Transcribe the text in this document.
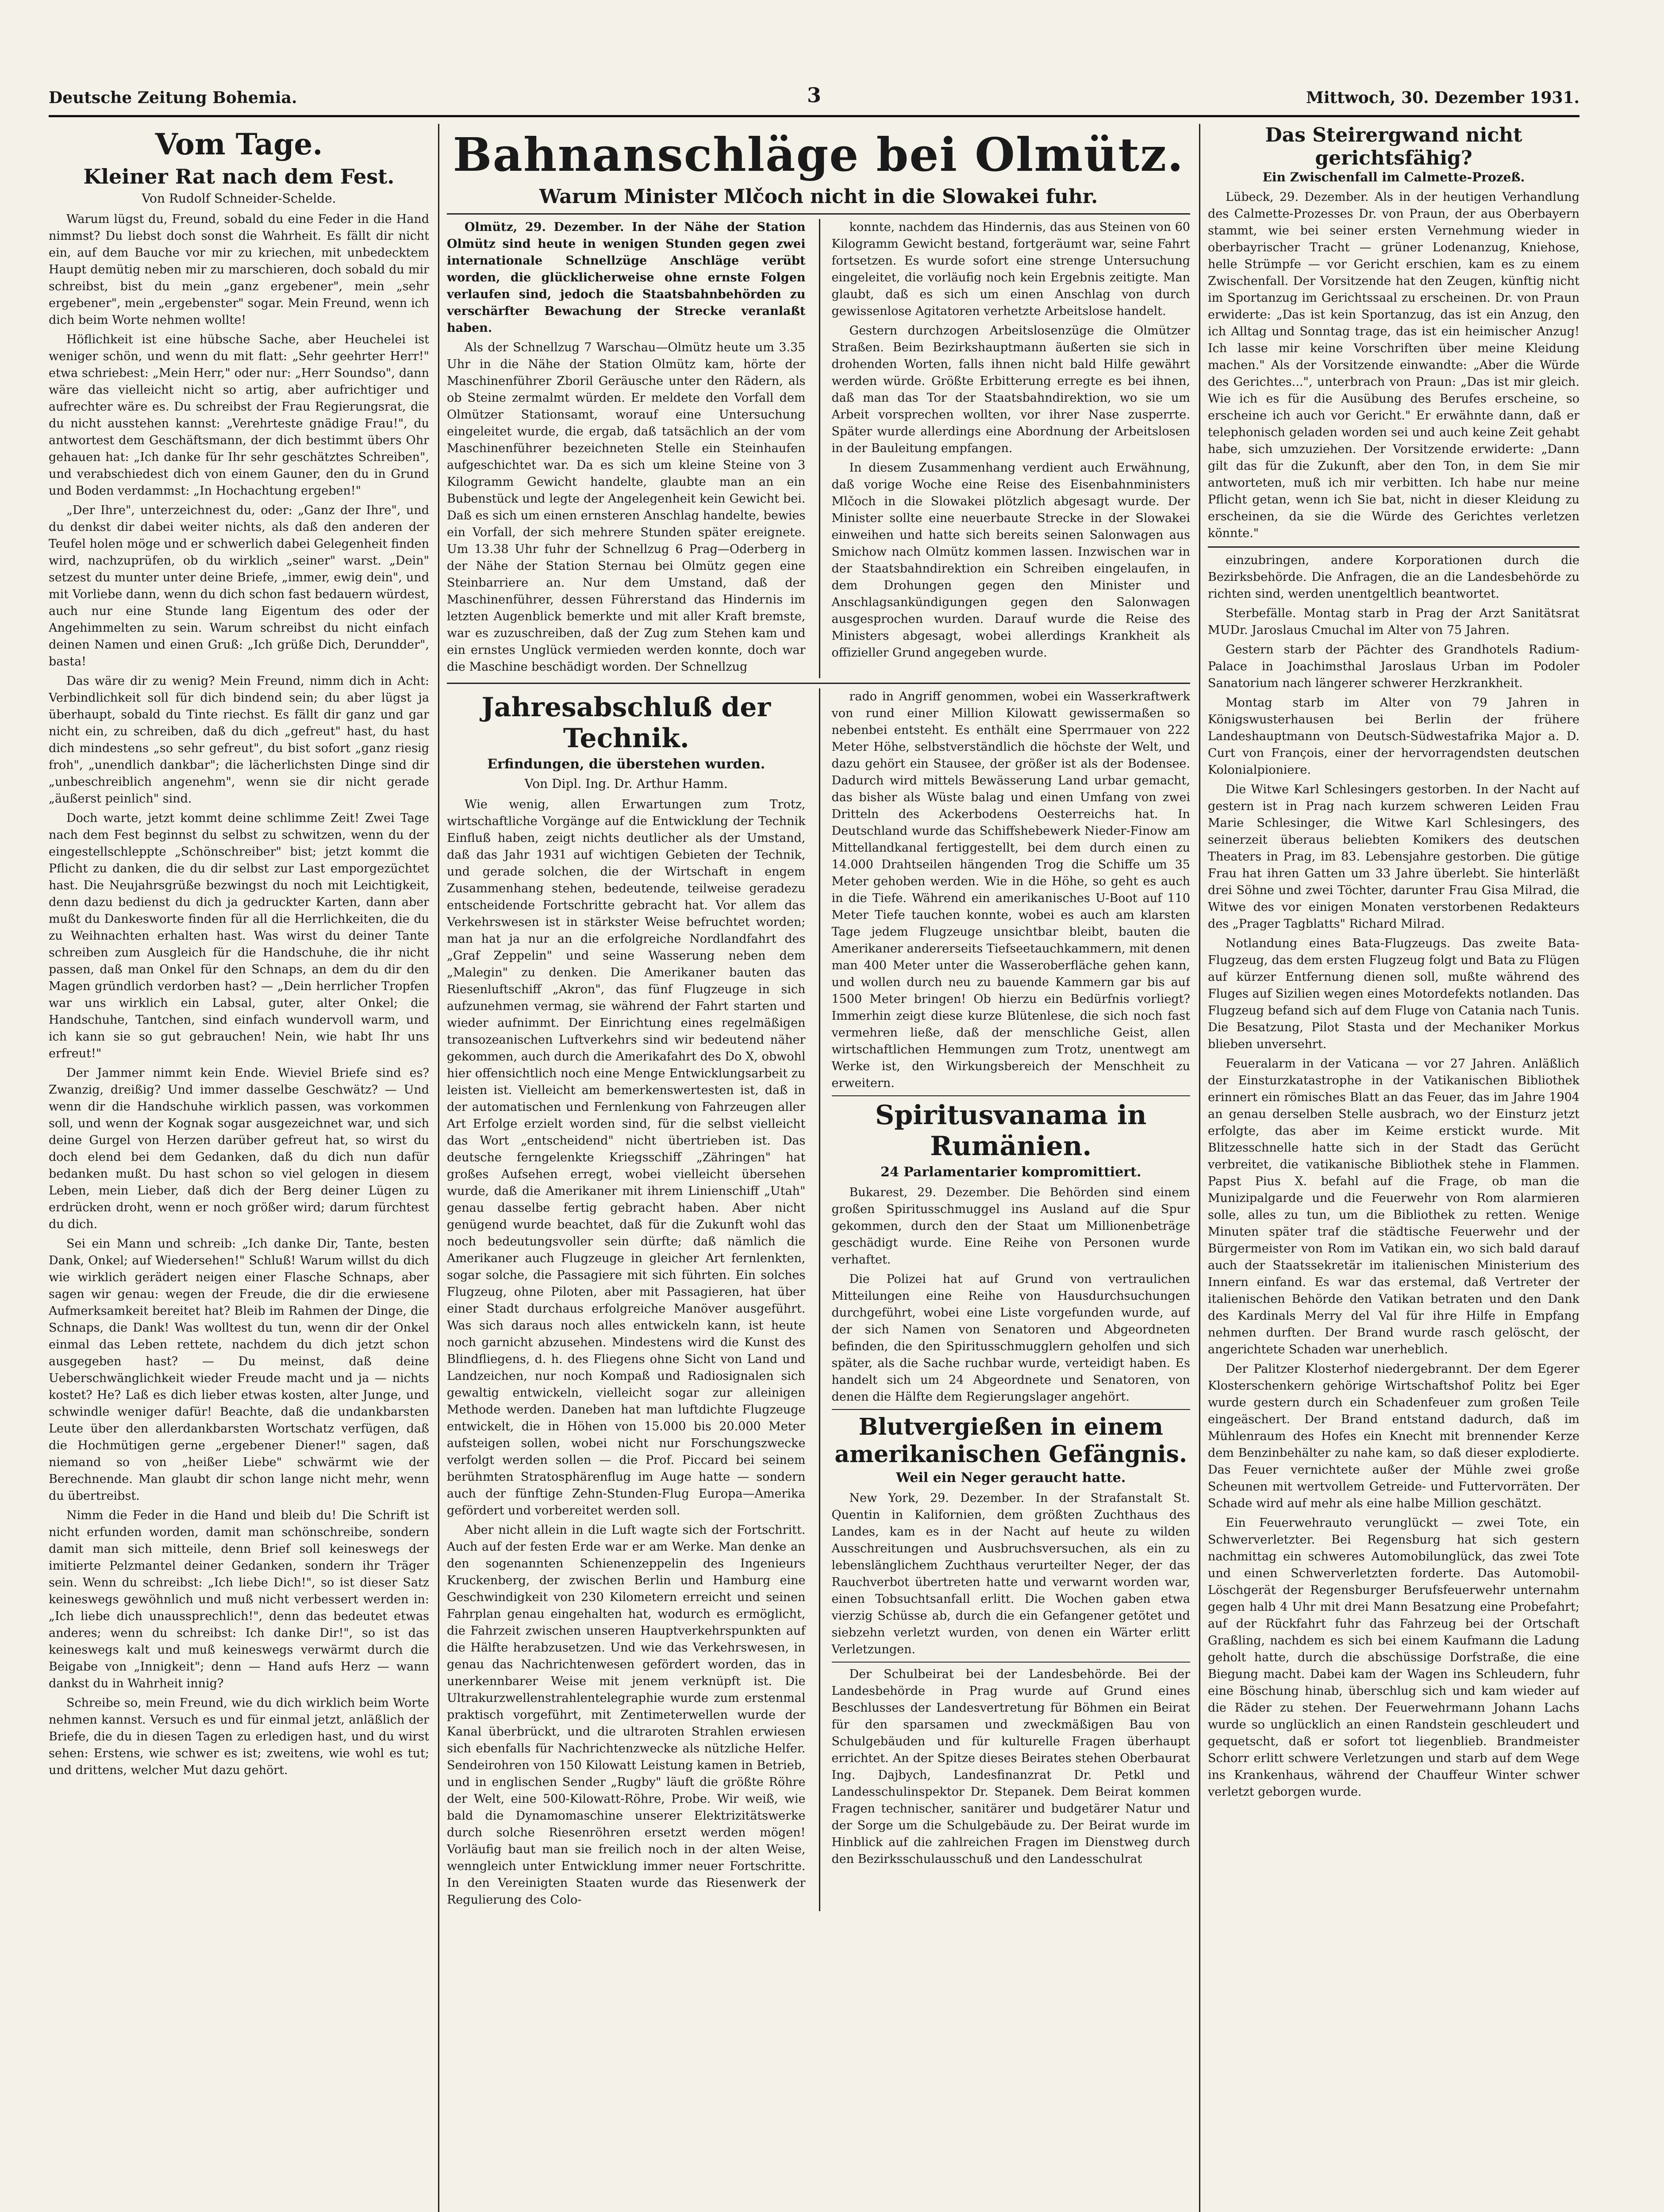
Deutsche Zeitung Bohemia.	3	Mittwoch, 30. Dezember 1931.
Vom Tage.
Kleiner Rat nach dem Fest.
Von Rudolf Schneider-Schelde.

Warum lügst du, Freund, sobald du eine Feder in die Hand nimmst? Du liebst doch sonst die Wahrheit. Es fällt dir nicht ein, auf dem Bauche vor mir zu kriechen, mit unbedecktem Haupt demütig neben mir zu marschieren, doch sobald du mir schreibst, bist du mein „ganz ergebener", mein „sehr ergebener", mein „ergebenster" sogar. Mein Freund, wenn ich dich beim Worte nehmen wollte!

Höflichkeit ist eine hübsche Sache, aber Heuchelei ist weniger schön, und wenn du mit flatt: „Sehr geehrter Herr!" etwa schriebest: „Mein Herr," oder nur: „Herr Soundso", dann wäre das vielleicht nicht so artig, aber aufrichtiger und aufrechter wäre es. Du schreibst der Frau Regierungsrat, die du nicht ausstehen kannst: „Verehrteste gnädige Frau!", du antwortest dem Geschäftsmann, der dich bestimmt übers Ohr gehauen hat: „Ich danke für Ihr sehr geschätztes Schreiben", und verabschiedest dich von einem Gauner, den du in Grund und Boden verdammst: „In Hochachtung ergeben!"

„Der Ihre", unterzeichnest du, oder: „Ganz der Ihre", und du denkst dir dabei weiter nichts, als daß den anderen der Teufel holen möge und er schwerlich dabei Gelegenheit finden wird, nachzuprüfen, ob du wirklich „seiner" warst. „Dein" setzest du munter unter deine Briefe, „immer, ewig dein", und mit Vorliebe dann, wenn du dich schon fast bedauern würdest, auch nur eine Stunde lang Eigentum des oder der Angehimmelten zu sein. Warum schreibst du nicht einfach deinen Namen und einen Gruß: „Ich grüße Dich, Derundder", basta!

Das wäre dir zu wenig? Mein Freund, nimm dich in Acht: Verbindlichkeit soll für dich bindend sein; du aber lügst ja überhaupt, sobald du Tinte riechst. Es fällt dir ganz und gar nicht ein, zu schreiben, daß du dich „gefreut" hast, du hast dich mindestens „so sehr gefreut", du bist sofort „ganz riesig froh", „unendlich dankbar"; die lächerlichsten Dinge sind dir „unbeschreiblich angenehm", wenn sie dir nicht gerade „äußerst peinlich" sind.

Doch warte, jetzt kommt deine schlimme Zeit! Zwei Tage nach dem Fest beginnst du selbst zu schwitzen, wenn du der eingestellschleppte „Schönschreiber" bist; jetzt kommt die Pflicht zu danken, die du dir selbst zur Last emporgezüchtet hast. Die Neujahrsgrüße bezwingst du noch mit Leichtigkeit, denn dazu bedienst du dich ja gedruckter Karten, dann aber mußt du Dankesworte finden für all die Herrlichkeiten, die du zu Weihnachten erhalten hast. Was wirst du deiner Tante schreiben zum Ausgleich für die Handschuhe, die ihr nicht passen, daß man Onkel für den Schnaps, an dem du dir den Magen gründlich verdorben hast? — „Dein herrlicher Tropfen war uns wirklich ein Labsal, guter, alter Onkel; die Handschuhe, Tantchen, sind einfach wundervoll warm, und ich kann sie so gut gebrauchen! Nein, wie habt Ihr uns erfreut!"

Der Jammer nimmt kein Ende. Wieviel Briefe sind es? Zwanzig, dreißig? Und immer dasselbe Geschwätz? — Und wenn dir die Handschuhe wirklich passen, was vorkommen soll, und wenn der Kognak sogar ausgezeichnet war, und sich deine Gurgel von Herzen darüber gefreut hat, so wirst du doch elend bei dem Gedanken, daß du dich nun dafür bedanken mußt. Du hast schon so viel gelogen in diesem Leben, mein Lieber, daß dich der Berg deiner Lügen zu erdrücken droht, wenn er noch größer wird; darum fürchtest du dich.

Sei ein Mann und schreib: „Ich danke Dir, Tante, besten Dank, Onkel; auf Wiedersehen!" Schluß! Warum willst du dich wie wirklich gerädert neigen einer Flasche Schnaps, aber sagen wir genau: wegen der Freude, die dir die erwiesene Aufmerksamkeit bereitet hat? Bleib im Rahmen der Dinge, die Schnaps, die Dank! Was wolltest du tun, wenn dir der Onkel einmal das Leben rettete, nachdem du dich jetzt schon ausgegeben hast? — Du meinst, daß deine Ueberschwänglichkeit wieder Freude macht und ja — nichts kostet? He? Laß es dich lieber etwas kosten, alter Junge, und schwindle weniger dafür! Beachte, daß die undankbarsten Leute über den allerdankbarsten Wortschatz verfügen, daß die Hochmütigen gerne „ergebener Diener!" sagen, daß niemand so von „heißer Liebe" schwärmt wie der Berechnende. Man glaubt dir schon lange nicht mehr, wenn du übertreibst.

Nimm die Feder in die Hand und bleib du! Die Schrift ist nicht erfunden worden, damit man schönschreibe, sondern damit man sich mitteile, denn Brief soll keineswegs der imitierte Pelzmantel deiner Gedanken, sondern ihr Träger sein. Wenn du schreibst: „Ich liebe Dich!", so ist dieser Satz keineswegs gewöhnlich und muß nicht verbessert werden in: „Ich liebe dich unaussprechlich!", denn das bedeutet etwas anderes; wenn du schreibst: Ich danke Dir!", so ist das keineswegs kalt und muß keineswegs verwärmt durch die Beigabe von „Innigkeit"; denn — Hand aufs Herz — wann dankst du in Wahrheit innig?

Schreibe so, mein Freund, wie du dich wirklich beim Worte nehmen kannst. Versuch es und für einmal jetzt, anläßlich der Briefe, die du in diesen Tagen zu erledigen hast, und du wirst sehen: Erstens, wie schwer es ist; zweitens, wie wohl es tut; und drittens, welcher Mut dazu gehört.

Bahnanschläge bei Olmütz.
Warum Minister Mlčoch nicht in die Slowakei fuhr.

Olmütz, 29. Dezember. In der Nähe der Station Olmütz sind heute in wenigen Stunden gegen zwei internationale Schnellzüge Anschläge verübt worden, die glücklicherweise ohne ernste Folgen verlaufen sind, jedoch die Staatsbahnbehörden zu verschärfter Bewachung der Strecke veranlaßt haben.

Als der Schnellzug 7 Warschau—Olmütz heute um 3.35 Uhr in die Nähe der Station Olmütz kam, hörte der Maschinenführer Zboril Geräusche unter den Rädern, als ob Steine zermalmt würden. Er meldete den Vorfall dem Olmützer Stationsamt, worauf eine Untersuchung eingeleitet wurde, die ergab, daß tatsächlich an der vom Maschinenführer bezeichneten Stelle ein Steinhaufen aufgeschichtet war. Da es sich um kleine Steine von 3 Kilogramm Gewicht handelte, glaubte man an ein Bubenstück und legte der Angelegenheit kein Gewicht bei. Daß es sich um einen ernsteren Anschlag handelte, bewies ein Vorfall, der sich mehrere Stunden später ereignete. Um 13.38 Uhr fuhr der Schnellzug 6 Prag—Oderberg in der Nähe der Station Sternau bei Olmütz gegen eine Steinbarriere an. Nur dem Umstand, daß der Maschinenführer, dessen Führerstand das Hindernis im letzten Augenblick bemerkte und mit aller Kraft bremste, war es zuzuschreiben, daß der Zug zum Stehen kam und ein ernstes Unglück vermieden werden konnte, doch war die Maschine beschädigt worden. Der Schnellzug

konnte, nachdem das Hindernis, das aus Steinen von 60 Kilogramm Gewicht bestand, fortgeräumt war, seine Fahrt fortsetzen. Es wurde sofort eine strenge Untersuchung eingeleitet, die vorläufig noch kein Ergebnis zeitigte. Man glaubt, daß es sich um einen Anschlag von durch gewissenlose Agitatoren verhetzte Arbeitslose handelt.

Gestern durchzogen Arbeitslosenzüge die Olmützer Straßen. Beim Bezirkshauptmann äußerten sie sich in drohenden Worten, falls ihnen nicht bald Hilfe gewährt werden würde. Größte Erbitterung erregte es bei ihnen, daß man das Tor der Staatsbahndirektion, wo sie um Arbeit vorsprechen wollten, vor ihrer Nase zusperrte. Später wurde allerdings eine Abordnung der Arbeitslosen in der Bauleitung empfangen.

In diesem Zusammenhang verdient auch Erwähnung, daß vorige Woche eine Reise des Eisenbahnministers Mlčoch in die Slowakei plötzlich abgesagt wurde. Der Minister sollte eine neuerbaute Strecke in der Slowakei einweihen und hatte sich bereits seinen Salonwagen aus Smichow nach Olmütz kommen lassen. Inzwischen war in der Staatsbahndirektion ein Schreiben eingelaufen, in dem Drohungen gegen den Minister und Anschlagsankündigungen gegen den Salonwagen ausgesprochen wurden. Darauf wurde die Reise des Ministers abgesagt, wobei allerdings Krankheit als offizieller Grund angegeben wurde.

Jahresabschluß der Technik.
Erfindungen, die überstehen wurden.
Von Dipl. Ing. Dr. Arthur Hamm.

Wie wenig, allen Erwartungen zum Trotz, wirtschaftliche Vorgänge auf die Entwicklung der Technik Einfluß haben, zeigt nichts deutlicher als der Umstand, daß das Jahr 1931 auf wichtigen Gebieten der Technik, und gerade solchen, die der Wirtschaft in engem Zusammenhang stehen, bedeutende, teilweise geradezu entscheidende Fortschritte gebracht hat. Vor allem das Verkehrswesen ist in stärkster Weise befruchtet worden; man hat ja nur an die erfolgreiche Nordlandfahrt des „Graf Zeppelin" und seine Wasserung neben dem „Malegin" zu denken. Die Amerikaner bauten das Riesenluftschiff „Akron", das fünf Flugzeuge in sich aufzunehmen vermag, sie während der Fahrt starten und wieder aufnimmt. Der Einrichtung eines regelmäßigen transozeanischen Luftverkehrs sind wir bedeutend näher gekommen, auch durch die Amerikafahrt des Do X, obwohl hier offensichtlich noch eine Menge Entwicklungsarbeit zu leisten ist. Vielleicht am bemerkenswertesten ist, daß in der automatischen und Fernlenkung von Fahrzeugen aller Art Erfolge erzielt worden sind, für die selbst vielleicht das Wort „entscheidend" nicht übertrieben ist. Das deutsche ferngelenkte Kriegsschiff „Zähringen" hat großes Aufsehen erregt, wobei vielleicht übersehen wurde, daß die Amerikaner mit ihrem Linienschiff „Utah" genau dasselbe fertig gebracht haben. Aber nicht genügend wurde beachtet, daß für die Zukunft wohl das noch bedeutungsvoller sein dürfte; daß nämlich die Amerikaner auch Flugzeuge in gleicher Art fernlenkten, sogar solche, die Passagiere mit sich führten. Ein solches Flugzeug, ohne Piloten, aber mit Passagieren, hat über einer Stadt durchaus erfolgreiche Manöver ausgeführt. Was sich daraus noch alles entwickeln kann, ist heute noch garnicht abzusehen. Mindestens wird die Kunst des Blindfliegens, d. h. des Fliegens ohne Sicht von Land und Landzeichen, nur noch Kompaß und Radiosignalen sich gewaltig entwickeln, vielleicht sogar zur alleinigen Methode werden. Daneben hat man luftdichte Flugzeuge entwickelt, die in Höhen von 15.000 bis 20.000 Meter aufsteigen sollen, wobei nicht nur Forschungszwecke verfolgt werden sollen — die Prof. Piccard bei seinem berühmten Stratosphärenflug im Auge hatte — sondern auch der fünftige Zehn-Stunden-Flug Europa—Amerika gefördert und vorbereitet werden soll.

Aber nicht allein in die Luft wagte sich der Fortschritt. Auch auf der festen Erde war er am Werke. Man denke an den sogenannten Schienenzeppelin des Ingenieurs Kruckenberg, der zwischen Berlin und Hamburg eine Geschwindigkeit von 230 Kilometern erreicht und seinen Fahrplan genau eingehalten hat, wodurch es ermöglicht, die Fahrzeit zwischen unseren Hauptverkehrspunkten auf die Hälfte herabzusetzen. Und wie das Verkehrswesen, in genau das Nachrichtenwesen gefördert worden, das in unerkennbarer Weise mit jenem verknüpft ist. Die Ultrakurzwellenstrahlentelegraphie wurde zum erstenmal praktisch vorgeführt, mit Zentimeterwellen wurde der Kanal überbrückt, und die ultraroten Strahlen erwiesen sich ebenfalls für Nachrichtenzwecke als nützliche Helfer. Sendeirohren von 150 Kilowatt Leistung kamen in Betrieb, und in englischen Sender „Rugby" läuft die größte Röhre der Welt, eine 500-Kilowatt-Röhre, Probe. Wir weiß, wie bald die Dynamomaschine unserer Elektrizitätswerke durch solche Riesenröhren ersetzt werden mögen! Vorläufig baut man sie freilich noch in der alten Weise, wenngleich unter Entwicklung immer neuer Fortschritte. In den Vereinigten Staaten wurde das Riesenwerk der Regulierung des Colo-

rado in Angriff genommen, wobei ein Wasserkraftwerk von rund einer Million Kilowatt gewissermaßen so nebenbei entsteht. Es enthält eine Sperrmauer von 222 Meter Höhe, selbstverständlich die höchste der Welt, und dazu gehört ein Stausee, der größer ist als der Bodensee. Dadurch wird mittels Bewässerung Land urbar gemacht, das bisher als Wüste balag und einen Umfang von zwei Dritteln des Ackerbodens Oesterreichs hat. In Deutschland wurde das Schiffshebewerk Nieder-Finow am Mittellandkanal fertiggestellt, bei dem durch einen zu 14.000 Drahtseilen hängenden Trog die Schiffe um 35 Meter gehoben werden. Wie in die Höhe, so geht es auch in die Tiefe. Während ein amerikanisches U-Boot auf 110 Meter Tiefe tauchen konnte, wobei es auch am klarsten Tage jedem Flugzeuge unsichtbar bleibt, bauten die Amerikaner andererseits Tiefseetauchkammern, mit denen man 400 Meter unter die Wasseroberfläche gehen kann, und wollen durch neu zu bauende Kammern gar bis auf 1500 Meter bringen! Ob hierzu ein Bedürfnis vorliegt? Immerhin zeigt diese kurze Blütenlese, die sich noch fast vermehren ließe, daß der menschliche Geist, allen wirtschaftlichen Hemmungen zum Trotz, unentwegt am Werke ist, den Wirkungsbereich der Menschheit zu erweitern.

Spiritusvanama in Rumänien.
24 Parlamentarier kompromittiert.

Bukarest, 29. Dezember. Die Behörden sind einem großen Spiritusschmuggel ins Ausland auf die Spur gekommen, durch den der Staat um Millionenbeträge geschädigt wurde. Eine Reihe von Personen wurde verhaftet.

Die Polizei hat auf Grund von vertraulichen Mitteilungen eine Reihe von Hausdurchsuchungen durchgeführt, wobei eine Liste vorgefunden wurde, auf der sich Namen von Senatoren und Abgeordneten befinden, die den Spiritusschmugglern geholfen und sich später, als die Sache ruchbar wurde, verteidigt haben. Es handelt sich um 24 Abgeordnete und Senatoren, von denen die Hälfte dem Regierungslager angehört.

Blutvergießen in einem amerikanischen Gefängnis.
Weil ein Neger geraucht hatte.

New York, 29. Dezember. In der Strafanstalt St. Quentin in Kalifornien, dem größten Zuchthaus des Landes, kam es in der Nacht auf heute zu wilden Ausschreitungen und Ausbruchsversuchen, als ein zu lebenslänglichem Zuchthaus verurteilter Neger, der das Rauchverbot übertreten hatte und verwarnt worden war, einen Tobsuchtsanfall erlitt. Die Wochen gaben etwa vierzig Schüsse ab, durch die ein Gefangener getötet und siebzehn verletzt wurden, von denen ein Wärter erlitt Verletzungen.

Der Schulbeirat bei der Landesbehörde. Bei der Landesbehörde in Prag wurde auf Grund eines Beschlusses der Landesvertretung für Böhmen ein Beirat für den sparsamen und zweckmäßigen Bau von Schulgebäuden und für kulturelle Fragen überhaupt errichtet. An der Spitze dieses Beirates stehen Oberbaurat Ing. Dajbych, Landesfinanzrat Dr. Petkl und Landesschulinspektor Dr. Stepanek. Dem Beirat kommen Fragen technischer, sanitärer und budgetärer Natur und der Sorge um die Schulgebäude zu. Der Beirat wurde im Hinblick auf die zahlreichen Fragen im Dienstweg durch den Bezirksschulausschuß und den Landesschulrat

Das Steirergwand nicht gerichtsfähig?
Ein Zwischenfall im Calmette-Prozeß.

Lübeck, 29. Dezember. Als in der heutigen Verhandlung des Calmette-Prozesses Dr. von Praun, der aus Oberbayern stammt, wie bei seiner ersten Vernehmung wieder in oberbayrischer Tracht — grüner Lodenanzug, Kniehose, helle Strümpfe — vor Gericht erschien, kam es zu einem Zwischenfall. Der Vorsitzende hat den Zeugen, künftig nicht im Sportanzug im Gerichtssaal zu erscheinen. Dr. von Praun erwiderte: „Das ist kein Sportanzug, das ist ein Anzug, den ich Alltag und Sonntag trage, das ist ein heimischer Anzug! Ich lasse mir keine Vorschriften über meine Kleidung machen." Als der Vorsitzende einwandte: „Aber die Würde des Gerichtes...", unterbrach von Praun: „Das ist mir gleich. Wie ich es für die Ausübung des Berufes erscheine, so erscheine ich auch vor Gericht." Er erwähnte dann, daß er telephonisch geladen worden sei und auch keine Zeit gehabt habe, sich umzuziehen. Der Vorsitzende erwiderte: „Dann gilt das für die Zukunft, aber den Ton, in dem Sie mir antworteten, muß ich mir verbitten. Ich habe nur meine Pflicht getan, wenn ich Sie bat, nicht in dieser Kleidung zu erscheinen, da sie die Würde des Gerichtes verletzen könnte."

einzubringen, andere Korporationen durch die Bezirksbehörde. Die Anfragen, die an die Landesbehörde zu richten sind, werden unentgeltlich beantwortet.

Sterbefälle. Montag starb in Prag der Arzt Sanitätsrat MUDr. Jaroslaus Cmuchal im Alter von 75 Jahren.

Gestern starb der Pächter des Grandhotels Radium-Palace in Joachimsthal Jaroslaus Urban im Podoler Sanatorium nach längerer schwerer Herzkrankheit.

Montag starb im Alter von 79 Jahren in Königswusterhausen bei Berlin der frühere Landeshauptmann von Deutsch-Südwestafrika Major a. D. Curt von François, einer der hervorragendsten deutschen Kolonialpioniere.

Die Witwe Karl Schlesingers gestorben. In der Nacht auf gestern ist in Prag nach kurzem schweren Leiden Frau Marie Schlesinger, die Witwe Karl Schlesingers, des seinerzeit überaus beliebten Komikers des deutschen Theaters in Prag, im 83. Lebensjahre gestorben. Die gütige Frau hat ihren Gatten um 33 Jahre überlebt. Sie hinterläßt drei Söhne und zwei Töchter, darunter Frau Gisa Milrad, die Witwe des vor einigen Monaten verstorbenen Redakteurs des „Prager Tagblatts" Richard Milrad.

Notlandung eines Bata-Flugzeugs. Das zweite Bata-Flugzeug, das dem ersten Flugzeug folgt und Bata zu Flügen auf kürzer Entfernung dienen soll, mußte während des Fluges auf Sizilien wegen eines Motordefekts notlanden. Das Flugzeug befand sich auf dem Fluge von Catania nach Tunis. Die Besatzung, Pilot Stasta und der Mechaniker Morkus blieben unversehrt.

Feueralarm in der Vaticana — vor 27 Jahren. Anläßlich der Einsturzkatastrophe in der Vatikanischen Bibliothek erinnert ein römisches Blatt an das Feuer, das im Jahre 1904 an genau derselben Stelle ausbrach, wo der Einsturz jetzt erfolgte, das aber im Keime erstickt wurde. Mit Blitzesschnelle hatte sich in der Stadt das Gerücht verbreitet, die vatikanische Bibliothek stehe in Flammen. Papst Pius X. befahl auf die Frage, ob man die Munizipalgarde und die Feuerwehr von Rom alarmieren solle, alles zu tun, um die Bibliothek zu retten. Wenige Minuten später traf die städtische Feuerwehr und der Bürgermeister von Rom im Vatikan ein, wo sich bald darauf auch der Staatssekretär im italienischen Ministerium des Innern einfand. Es war das erstemal, daß Vertreter der italienischen Behörde den Vatikan betraten und den Dank des Kardinals Merry del Val für ihre Hilfe in Empfang nehmen durften. Der Brand wurde rasch gelöscht, der angerichtete Schaden war unerheblich.

Der Palitzer Klosterhof niedergebrannt. Der dem Egerer Klosterschenkern gehörige Wirtschaftshof Politz bei Eger wurde gestern durch ein Schadenfeuer zum großen Teile eingeäschert. Der Brand entstand dadurch, daß im Mühlenraum des Hofes ein Knecht mit brennender Kerze dem Benzinbehälter zu nahe kam, so daß dieser explodierte. Das Feuer vernichtete außer der Mühle zwei große Scheunen mit wertvollem Getreide- und Futtervorräten. Der Schade wird auf mehr als eine halbe Million geschätzt.

Ein Feuerwehrauto verunglückt — zwei Tote, ein Schwerverletzter. Bei Regensburg hat sich gestern nachmittag ein schweres Automobilunglück, das zwei Tote und einen Schwerverletzten forderte. Das Automobil-Löschgerät der Regensburger Berufsfeuerwehr unternahm gegen halb 4 Uhr mit drei Mann Besatzung eine Probefahrt; auf der Rückfahrt fuhr das Fahrzeug bei der Ortschaft Graßling, nachdem es sich bei einem Kaufmann die Ladung geholt hatte, durch die abschüssige Dorfstraße, die eine Biegung macht. Dabei kam der Wagen ins Schleudern, fuhr eine Böschung hinab, überschlug sich und kam wieder auf die Räder zu stehen. Der Feuerwehrmann Johann Lachs wurde so unglücklich an einen Randstein geschleudert und gequetscht, daß er sofort tot liegenblieb. Brandmeister Schorr erlitt schwere Verletzungen und starb auf dem Wege ins Krankenhaus, während der Chauffeur Winter schwer verletzt geborgen wurde.
